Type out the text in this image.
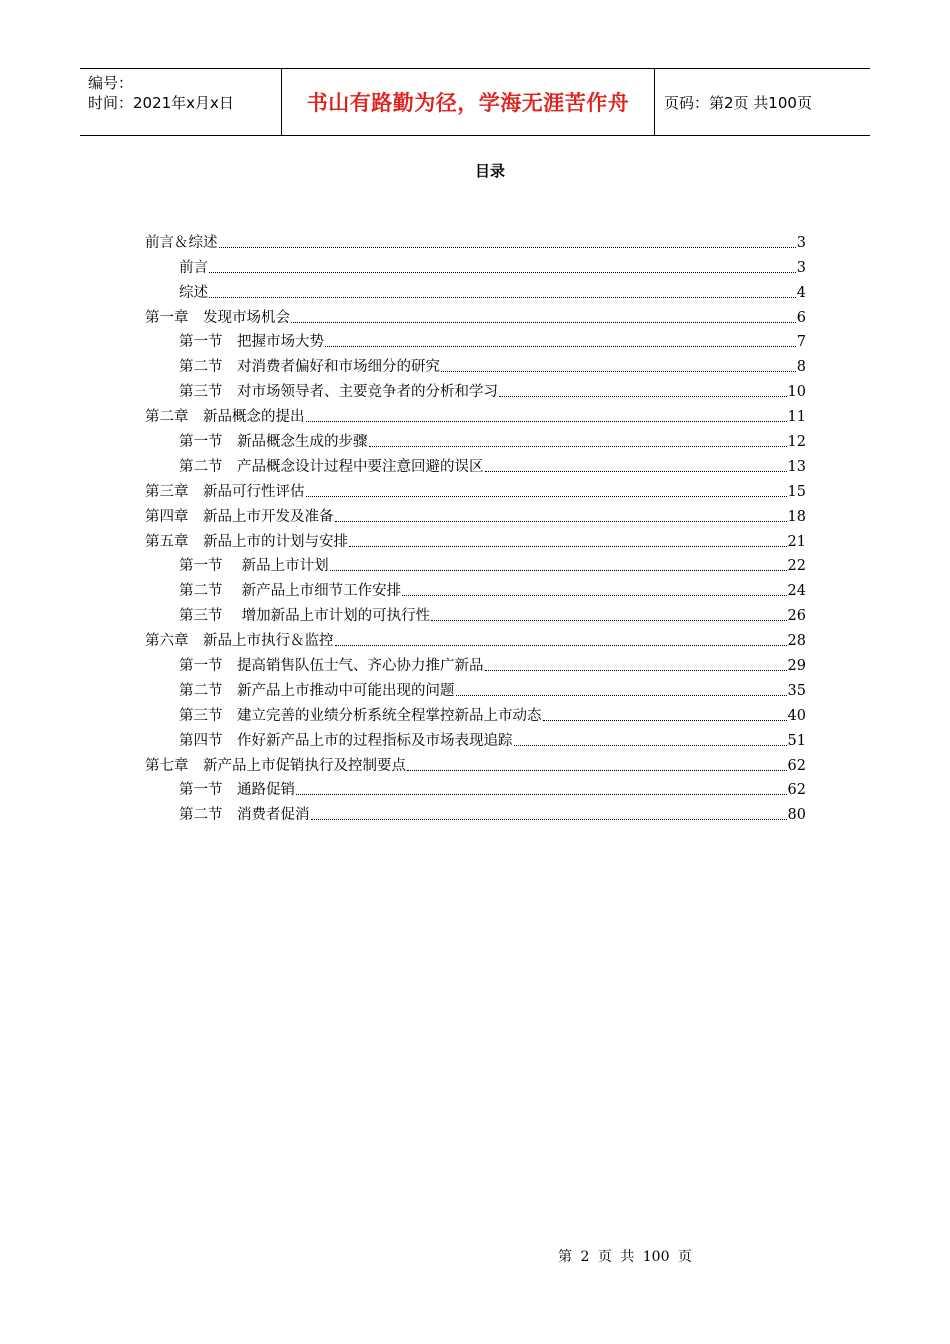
编号：
时间：2021年x月x日	书山有路勤为径，学海无涯苦作舟	页码：第2页 共100页
目录
前言＆综述	3
前言	3
综述	4
第一章　发现市场机会	6
第一节　把握市场大势	7
第二节　对消费者偏好和市场细分的研究	8
第三节　对市场领导者、主要竞争者的分析和学习	10
第二章　新品概念的提出	11
第一节　新品概念生成的步骤	12
第二节　产品概念设计过程中要注意回避的误区	13
第三章　新品可行性评估	15
第四章　新品上市开发及准备	18
第五章　新品上市的计划与安排	21
第一节　 新品上市计划	22
第二节　 新产品上市细节工作安排	24
第三节　 增加新品上市计划的可执行性	26
第六章　新品上市执行＆监控	28
第一节　提高销售队伍士气、齐心协力推广新品	29
第二节　新产品上市推动中可能出现的问题	35
第三节　建立完善的业绩分析系统全程掌控新品上市动态	40
第四节　作好新产品上市的过程指标及市场表现追踪	51
第七章　新产品上市促销执行及控制要点	62
第一节　通路促销	62
第二节　消费者促消	80
第 2 页 共 100 页
